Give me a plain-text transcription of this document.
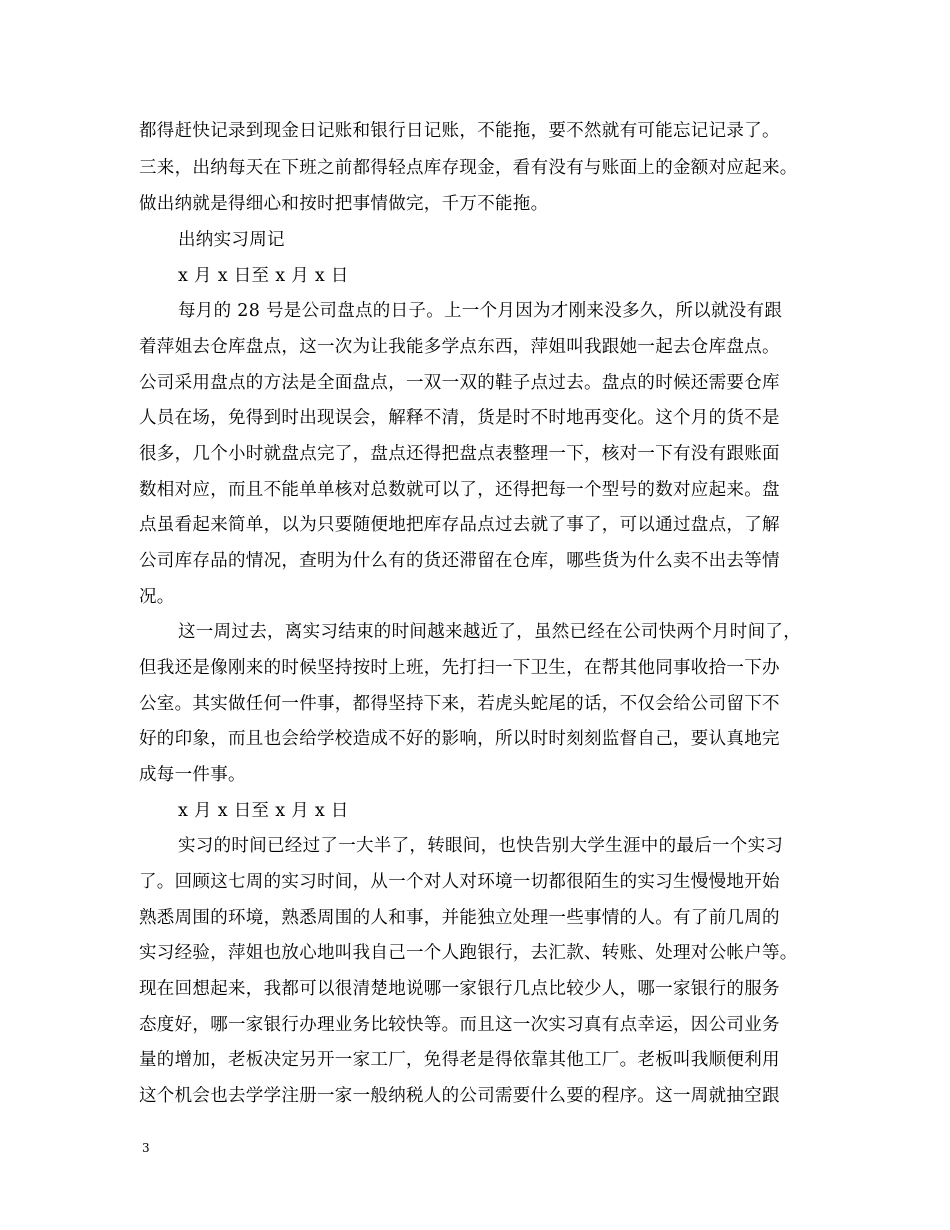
都得赶快记录到现金日记账和银行日记账，不能拖，要不然就有可能忘记记录了。
三来，出纳每天在下班之前都得轻点库存现金，看有没有与账面上的金额对应起来。
做出纳就是得细心和按时把事情做完，千万不能拖。
出纳实习周记
x 月 x 日至 x 月 x 日
每月的 28 号是公司盘点的日子。上一个月因为才刚来没多久，所以就没有跟
着萍姐去仓库盘点，这一次为让我能多学点东西，萍姐叫我跟她一起去仓库盘点。
公司采用盘点的方法是全面盘点，一双一双的鞋子点过去。盘点的时候还需要仓库
人员在场，免得到时出现误会，解释不清，货是时不时地再变化。这个月的货不是
很多，几个小时就盘点完了，盘点还得把盘点表整理一下，核对一下有没有跟账面
数相对应，而且不能单单核对总数就可以了，还得把每一个型号的数对应起来。盘
点虽看起来简单，以为只要随便地把库存品点过去就了事了，可以通过盘点，了解
公司库存品的情况，查明为什么有的货还滞留在仓库，哪些货为什么卖不出去等情
况。
这一周过去，离实习结束的时间越来越近了，虽然已经在公司快两个月时间了，
但我还是像刚来的时候坚持按时上班，先打扫一下卫生，在帮其他同事收拾一下办
公室。其实做任何一件事，都得坚持下来，若虎头蛇尾的话，不仅会给公司留下不
好的印象，而且也会给学校造成不好的影响，所以时时刻刻监督自己，要认真地完
成每一件事。
x 月 x 日至 x 月 x 日
实习的时间已经过了一大半了，转眼间，也快告别大学生涯中的最后一个实习
了。回顾这七周的实习时间，从一个对人对环境一切都很陌生的实习生慢慢地开始
熟悉周围的环境，熟悉周围的人和事，并能独立处理一些事情的人。有了前几周的
实习经验，萍姐也放心地叫我自己一个人跑银行，去汇款、转账、处理对公帐户等。
现在回想起来，我都可以很清楚地说哪一家银行几点比较少人，哪一家银行的服务
态度好，哪一家银行办理业务比较快等。而且这一次实习真有点幸运，因公司业务
量的增加，老板决定另开一家工厂，免得老是得依靠其他工厂。老板叫我顺便利用
这个机会也去学学注册一家一般纳税人的公司需要什么要的程序。这一周就抽空跟
3
